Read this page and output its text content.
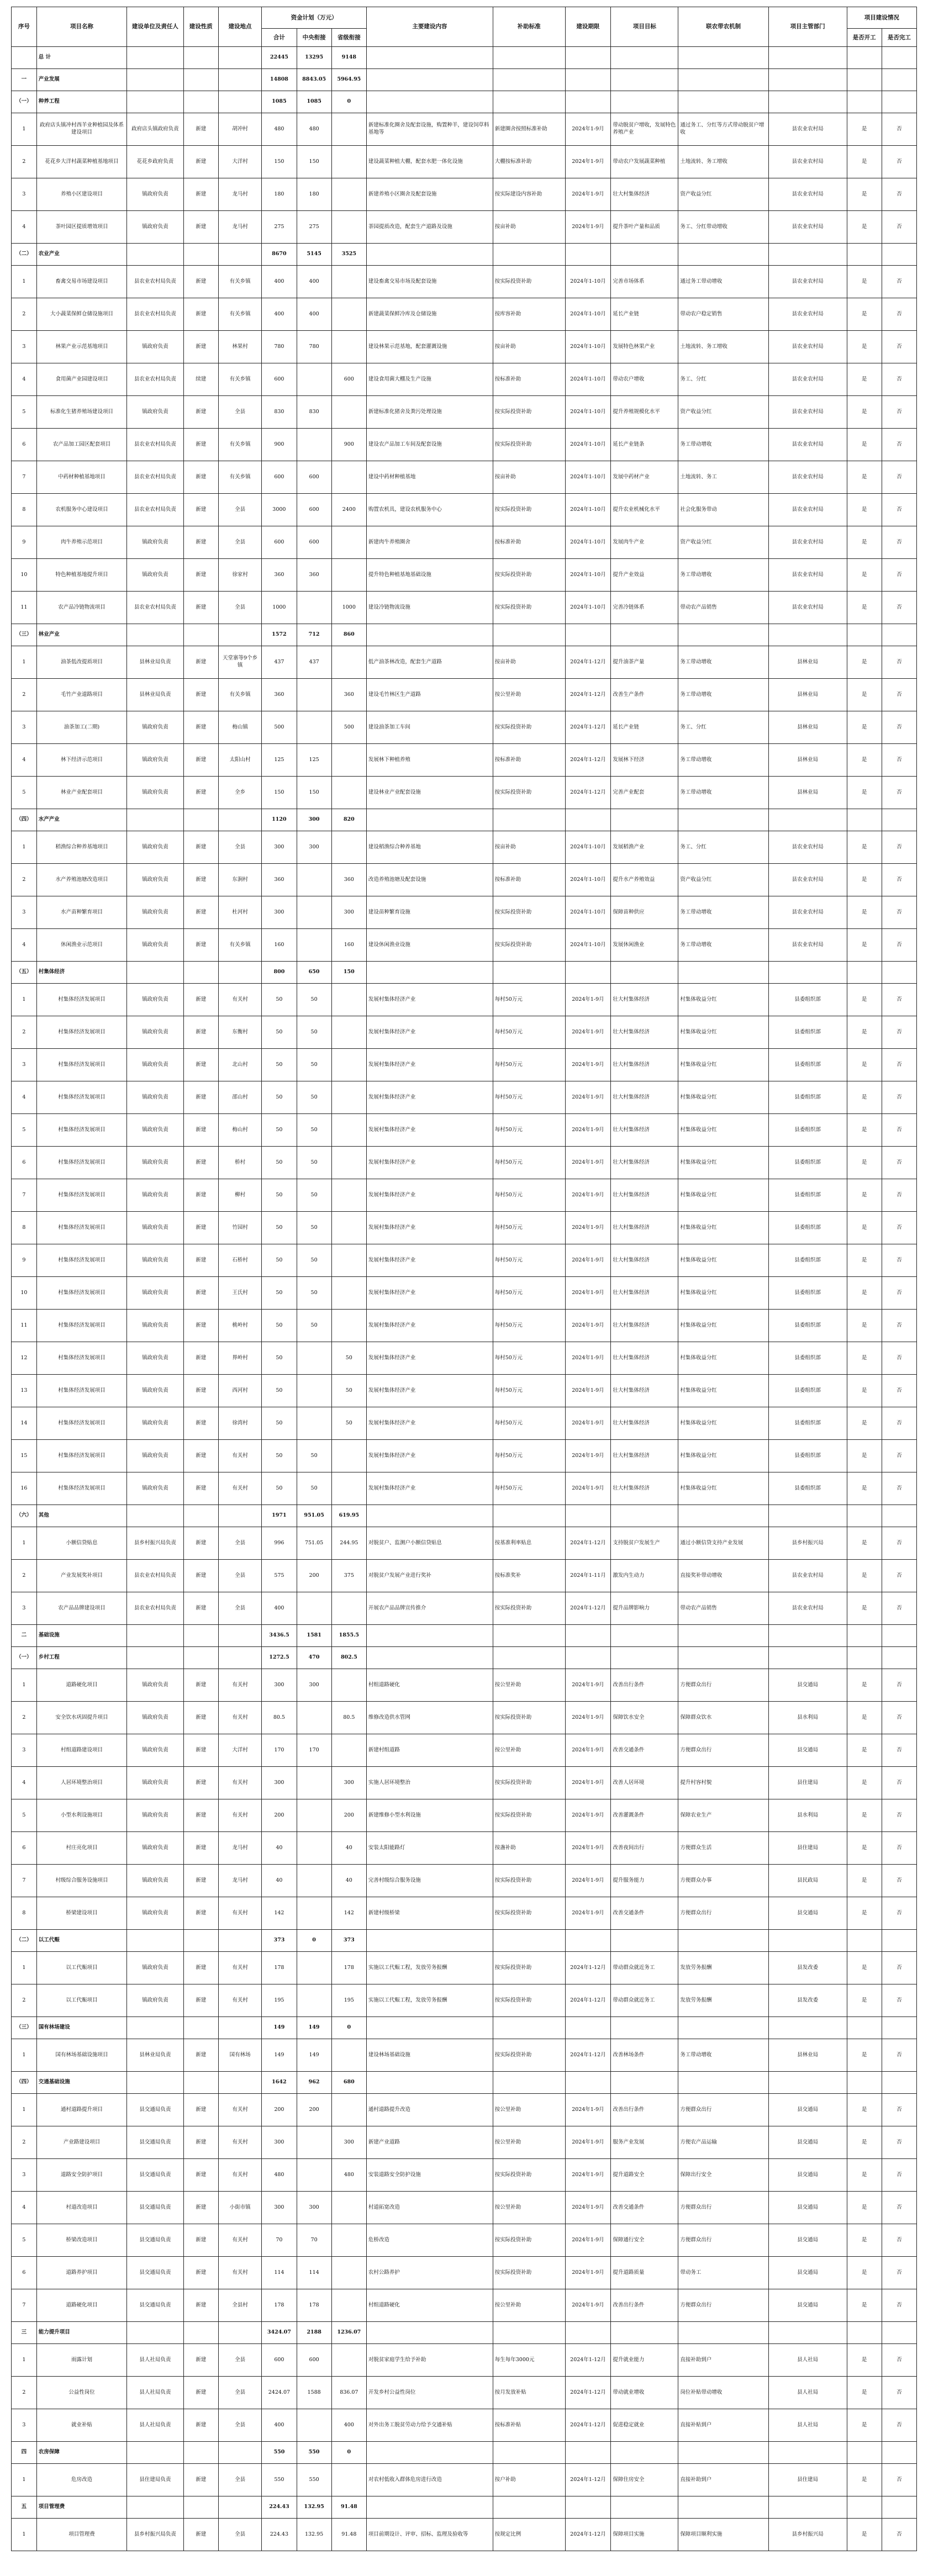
序号	项目名称	建设单位及责任人	建设性质	建设地点	资金计划（万元）			主要建设内容	补助标准	建设期限	项目目标	联农带农机制	项目主管部门	项目建设情况	
					合计	中央衔接	省级衔接							是否开工	是否完工
	总 计				22445	13295	9148								
一	产业发展				14808	8843.05	5964.95								
（一）	种养工程				1085	1085	0								
1	政府店头镇冲村西羊业种植园及体系建设项目	政府店头镇政府负责	新建	胡冲村	480	480		新建标准化圈舍及配套设施，购置种羊，建设饲草料基地等	新建圈舍按照标准补助	2024年1-9月	带动脱贫户增收，发展特色养殖产业	通过务工、分红等方式带动脱贫户增收	县农业农村局	是	否
2	花花乡大洋村蔬菜种植基地项目	花花乡政府负责	新建	大洋村	150	150		建设蔬菜种植大棚，配套水肥一体化设施	大棚按标准补助	2024年1-9月	带动农户发展蔬菜种植	土地流转、务工增收	县农业农村局	是	否
3	养殖小区建设项目	镇政府负责	新建	龙马村	180	180		新建养殖小区圈舍及配套设施	按实际建设内容补助	2024年1-9月	壮大村集体经济	资产收益分红	县农业农村局	是	否
4	茶叶园区提质增效项目	镇政府负责	新建	龙马村	275	275		茶园提质改造，配套生产道路及设施	按亩补助	2024年1-9月	提升茶叶产量和品质	务工、分红带动增收	县农业农村局	是	否
（二）	农业产业				8670	5145	3525								
1	畜禽交易市场建设项目	县农业农村局负责	新建	有关乡镇	400	400		建设畜禽交易市场及配套设施	按实际投资补助	2024年1-10月	完善市场体系	通过务工带动增收	县农业农村局	是	否
2	大小蔬菜保鲜仓储设施项目	县农业农村局负责	新建	有关乡镇	400	400		新建蔬菜保鲜冷库及仓储设施	按库容补助	2024年1-10月	延长产业链	带动农户稳定销售	县农业农村局	是	否
3	林果产业示范基地项目	镇政府负责	新建	林果村	780	780		建设林果示范基地，配套灌溉设施	按亩补助	2024年1-10月	发展特色林果产业	土地流转、务工增收	县农业农村局	是	否
4	食用菌产业园建设项目	县农业农村局负责	续建	有关乡镇	600		600	建设食用菌大棚及生产设施	按标准补助	2024年1-10月	带动农户增收	务工、分红	县农业农村局	是	否
5	标准化生猪养殖场建设项目	镇政府负责	新建	全县	830	830		新建标准化猪舍及粪污处理设施	按实际投资补助	2024年1-10月	提升养殖规模化水平	资产收益分红	县农业农村局	是	否
6	农产品加工园区配套项目	县农业农村局负责	新建	有关乡镇	900		900	建设农产品加工车间及配套设施	按实际投资补助	2024年1-10月	延长产业链条	务工带动增收	县农业农村局	是	否
7	中药材种植基地项目	县农业农村局负责	新建	有关乡镇	600	600		建设中药材种植基地	按亩补助	2024年1-10月	发展中药材产业	土地流转、务工	县农业农村局	是	否
8	农机服务中心建设项目	县农业农村局负责	新建	全县	3000	600	2400	购置农机具，建设农机服务中心	按实际投资补助	2024年1-10月	提升农业机械化水平	社会化服务带动	县农业农村局	是	否
9	肉牛养殖示范项目	镇政府负责	新建	全县	600	600		新建肉牛养殖圈舍	按标准补助	2024年1-10月	发展肉牛产业	资产收益分红	县农业农村局	是	否
10	特色种植基地提升项目	镇政府负责	新建	徐家村	360	360		提升特色种植基地基础设施	按实际投资补助	2024年1-10月	提升产业效益	务工带动增收	县农业农村局	是	否
11	农产品冷链物流项目	县农业农村局负责	新建	全县	1000		1000	建设冷链物流设施	按实际投资补助	2024年1-10月	完善冷链体系	带动农产品销售	县农业农村局	是	否
（三）	林业产业				1572	712	860								
1	油茶低改提质项目	县林业局负责	新建	天堂寨等9个乡镇	437	437		低产油茶林改造，配套生产道路	按亩补助	2024年1-12月	提升油茶产量	务工带动增收	县林业局	是	否
2	毛竹产业道路项目	县林业局负责	新建	有关乡镇	360		360	建设毛竹林区生产道路	按公里补助	2024年1-12月	改善生产条件	务工带动增收	县林业局	是	否
3	油茶加工(二期)	镇政府负责	新建	梅山镇	500		500	建设油茶加工车间	按实际投资补助	2024年1-12月	延长产业链	务工、分红	县林业局	是	否
4	林下经济示范项目	镇政府负责	新建	太阳山村	125	125		发展林下种植养殖	按标准补助	2024年1-12月	发展林下经济	务工带动增收	县林业局	是	否
5	林业产业配套项目	镇政府负责	新建	全乡	150	150		建设林业产业配套设施	按实际投资补助	2024年1-12月	完善产业配套	务工带动增收	县林业局	是	否
（四）	水产产业				1120	300	820								
1	稻渔综合种养基地项目	镇政府负责	新建	全县	300	300		建设稻渔综合种养基地	按亩补助	2024年1-10月	发展稻渔产业	务工、分红	县农业农村局	是	否
2	水产养殖池塘改造项目	镇政府负责	新建	东涧村	360		360	改造养殖池塘及配套设施	按标准补助	2024年1-10月	提升水产养殖效益	资产收益分红	县农业农村局	是	否
3	水产苗种繁育项目	镇政府负责	新建	杜河村	300		300	建设苗种繁育设施	按实际投资补助	2024年1-10月	保障苗种供应	务工带动增收	县农业农村局	是	否
4	休闲渔业示范项目	镇政府负责	新建	有关乡镇	160		160	建设休闲渔业设施	按实际投资补助	2024年1-10月	发展休闲渔业	务工带动增收	县农业农村局	是	否
（五）	村集体经济				800	650	150								
1	村集体经济发展项目	镇政府负责	新建	有关村	50	50		发展村集体经济产业	每村50万元	2024年1-9月	壮大村集体经济	村集体收益分红	县委组织部	是	否
2	村集体经济发展项目	镇政府负责	新建	东衡村	50	50		发展村集体经济产业	每村50万元	2024年1-9月	壮大村集体经济	村集体收益分红	县委组织部	是	否
3	村集体经济发展项目	镇政府负责	新建	北山村	50	50		发展村集体经济产业	每村50万元	2024年1-9月	壮大村集体经济	村集体收益分红	县委组织部	是	否
4	村集体经济发展项目	镇政府负责	新建	邵山村	50	50		发展村集体经济产业	每村50万元	2024年1-9月	壮大村集体经济	村集体收益分红	县委组织部	是	否
5	村集体经济发展项目	镇政府负责	新建	梅山村	50	50		发展村集体经济产业	每村50万元	2024年1-9月	壮大村集体经济	村集体收益分红	县委组织部	是	否
6	村集体经济发展项目	镇政府负责	新建	桥村	50	50		发展村集体经济产业	每村50万元	2024年1-9月	壮大村集体经济	村集体收益分红	县委组织部	是	否
7	村集体经济发展项目	镇政府负责	新建	柳村	50	50		发展村集体经济产业	每村50万元	2024年1-9月	壮大村集体经济	村集体收益分红	县委组织部	是	否
8	村集体经济发展项目	镇政府负责	新建	竹园村	50	50		发展村集体经济产业	每村50万元	2024年1-9月	壮大村集体经济	村集体收益分红	县委组织部	是	否
9	村集体经济发展项目	镇政府负责	新建	石桥村	50	50		发展村集体经济产业	每村50万元	2024年1-9月	壮大村集体经济	村集体收益分红	县委组织部	是	否
10	村集体经济发展项目	镇政府负责	新建	王氏村	50	50		发展村集体经济产业	每村50万元	2024年1-9月	壮大村集体经济	村集体收益分红	县委组织部	是	否
11	村集体经济发展项目	镇政府负责	新建	桃岭村	50	50		发展村集体经济产业	每村50万元	2024年1-9月	壮大村集体经济	村集体收益分红	县委组织部	是	否
12	村集体经济发展项目	镇政府负责	新建	界岭村	50		50	发展村集体经济产业	每村50万元	2024年1-9月	壮大村集体经济	村集体收益分红	县委组织部	是	否
13	村集体经济发展项目	镇政府负责	新建	西河村	50		50	发展村集体经济产业	每村50万元	2024年1-9月	壮大村集体经济	村集体收益分红	县委组织部	是	否
14	村集体经济发展项目	镇政府负责	新建	徐湾村	50		50	发展村集体经济产业	每村50万元	2024年1-9月	壮大村集体经济	村集体收益分红	县委组织部	是	否
15	村集体经济发展项目	镇政府负责	新建	有关村	50	50		发展村集体经济产业	每村50万元	2024年1-9月	壮大村集体经济	村集体收益分红	县委组织部	是	否
16	村集体经济发展项目	镇政府负责	新建	有关村	50	50		发展村集体经济产业	每村50万元	2024年1-9月	壮大村集体经济	村集体收益分红	县委组织部	是	否
（六）	其他				1971	951.05	619.95								
1	小额信贷贴息	县乡村振兴局负责	新建	全县	996	751.05	244.95	对脱贫户、监测户小额信贷贴息	按基准利率贴息	2024年1-12月	支持脱贫户发展生产	通过小额信贷支持产业发展	县乡村振兴局	是	否
2	产业发展奖补项目	县农业农村局负责	新建	全县	575	200	375	对脱贫户发展产业进行奖补	按标准奖补	2024年1-11月	激发内生动力	直接奖补带动增收	县农业农村局	是	否
3	农产品品牌建设项目	县农业农村局负责	新建	全县	400			开展农产品品牌宣传推介	按实际投资补助	2024年1-12月	提升品牌影响力	带动农产品销售	县农业农村局	是	否
二	基础设施				3436.5	1581	1855.5								
（一）	乡村工程				1272.5	470	802.5								
1	道路硬化项目	镇政府负责	新建	有关村	300	300		村组道路硬化	按公里补助	2024年1-9月	改善出行条件	方便群众出行	县交通局	是	否
2	安全饮水巩固提升项目	镇政府负责	新建	有关村	80.5		80.5	维修改造供水管网	按实际投资补助	2024年1-9月	保障饮水安全	保障群众饮水	县水利局	是	否
3	村组道路建设项目	镇政府负责	新建	大洋村	170	170		新建村组道路	按公里补助	2024年1-9月	改善交通条件	方便群众出行	县交通局	是	否
4	人居环境整治项目	镇政府负责	新建	有关村	300		300	实施人居环境整治	按实际投资补助	2024年1-9月	改善人居环境	提升村容村貌	县住建局	是	否
5	小型水利设施项目	镇政府负责	新建	有关村	200		200	新建维修小型水利设施	按实际投资补助	2024年1-9月	改善灌溉条件	保障农业生产	县水利局	是	否
6	村庄亮化项目	镇政府负责	新建	龙马村	40		40	安装太阳能路灯	按盏补助	2024年1-9月	改善夜间出行	方便群众生活	县住建局	是	否
7	村级综合服务设施项目	镇政府负责	新建	龙马村	40		40	完善村级综合服务设施	按实际投资补助	2024年1-9月	提升服务能力	方便群众办事	县民政局	是	否
8	桥梁建设项目	镇政府负责	新建	有关村	142		142	新建村级桥梁	按实际投资补助	2024年1-9月	改善交通条件	方便群众出行	县交通局	是	否
（二）	以工代赈				373	0	373								
1	以工代赈项目	镇政府负责	新建	有关村	178		178	实施以工代赈工程，发放劳务报酬	按实际投资补助	2024年1-12月	带动群众就近务工	发放劳务报酬	县发改委	是	否
2	以工代赈项目	镇政府负责	新建	有关村	195		195	实施以工代赈工程，发放劳务报酬	按实际投资补助	2024年1-12月	带动群众就近务工	发放劳务报酬	县发改委	是	否
（三）	国有林场建设				149	149	0								
1	国有林场基础设施项目	县林业局负责	新建	国有林场	149	149		建设林场基础设施	按实际投资补助	2024年1-12月	改善林场条件	务工带动增收	县林业局	是	否
（四）	交通基础设施				1642	962	680								
1	通村道路提升项目	县交通局负责	新建	有关村	200	200		通村道路提升改造	按公里补助	2024年1-9月	改善出行条件	方便群众出行	县交通局	是	否
2	产业路建设项目	县交通局负责	新建	有关村	300		300	新建产业道路	按公里补助	2024年1-9月	服务产业发展	方便农产品运输	县交通局	是	否
3	道路安全防护项目	县交通局负责	新建	有关村	480		480	安装道路安全防护设施	按实际投资补助	2024年1-9月	提升道路安全	保障出行安全	县交通局	是	否
4	村道改造项目	县交通局负责	新建	小街市镇	300	300		村道拓宽改造	按公里补助	2024年1-9月	改善交通条件	方便群众出行	县交通局	是	否
5	桥梁改造项目	县交通局负责	新建	有关村	70	70		危桥改造	按实际投资补助	2024年1-9月	保障通行安全	方便群众出行	县交通局	是	否
6	道路养护项目	县交通局负责	新建	有关村	114	114		农村公路养护	按实际投资补助	2024年1-9月	提升道路质量	带动务工	县交通局	是	否
7	道路硬化项目	县交通局负责	新建	全县村	178	178		村组道路硬化	按公里补助	2024年1-9月	改善出行条件	方便群众出行	县交通局	是	否
三	能力提升项目				3424.07	2188	1236.07								
1	雨露计划	县人社局负责	新建	全县	600	600		对脱贫家庭学生给予补助	每生每年3000元	2024年1-12月	提升就业能力	直接补助到户	县人社局	是	否
2	公益性岗位	县人社局负责	新建	全县	2424.07	1588	836.07	开发乡村公益性岗位	按月发放补贴	2024年1-12月	带动就业增收	岗位补贴带动增收	县人社局	是	否
3	就业补贴	县人社局负责	新建	全县	400		400	对外出务工脱贫劳动力给予交通补贴	按标准补贴	2024年1-12月	促进稳定就业	直接补贴到户	县人社局	是	否
四	农房保障				550	550	0								
1	危房改造	县住建局负责	新建	全县	550	550		对农村低收入群体危房进行改造	按户补助	2024年1-12月	保障住房安全	直接补助到户	县住建局	是	否
五	项目管理费				224.43	132.95	91.48								
1	项目管理费	县乡村振兴局负责	新建	全县	224.43	132.95	91.48	项目前期设计、评审、招标、监理及验收等	按规定比例	2024年1-12月	保障项目实施	保障项目顺利实施	县乡村振兴局	是	否
